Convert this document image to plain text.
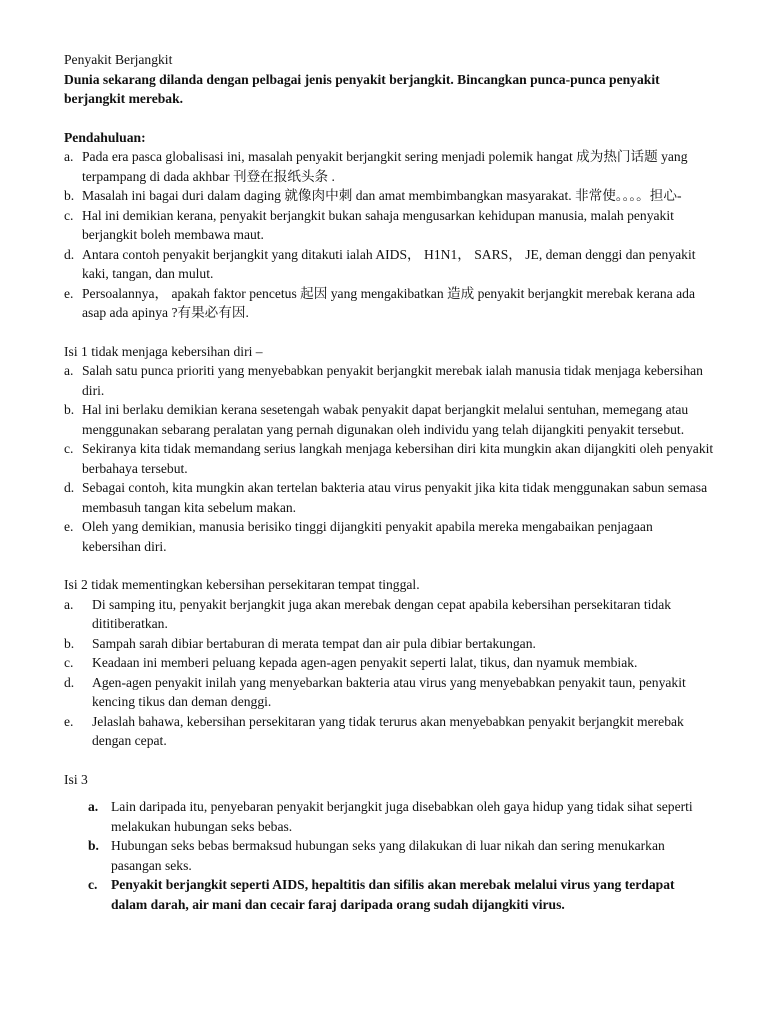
Penyakit Berjangkit

Dunia sekarang dilanda dengan pelbagai jenis penyakit berjangkit. Bincangkan punca-punca penyakit berjangkit merebak.

Pendahuluan:

a. Pada era pasca globalisasi ini, masalah penyakit berjangkit sering menjadi polemik hangat 成为热门话题 yang terpampang di dada akhbar 刊登在报纸头条 .
b. Masalah ini bagai duri dalam daging 就像肉中刺 dan amat membimbangkan masyarakat. 非常使。。。。担心-
c. Hal ini demikian kerana, penyakit berjangkit bukan sahaja mengusarkan kehidupan manusia, malah penyakit berjangkit boleh membawa maut.
d. Antara contoh penyakit berjangkit yang ditakuti ialah AIDS， H1N1， SARS， JE, deman denggi dan penyakit kaki, tangan, dan mulut.
e. Persoalannya， apakah faktor pencetus 起因 yang mengakibatkan 造成 penyakit berjangkit merebak kerana ada asap ada apinya ?有果必有因.

Isi 1 tidak menjaga kebersihan diri –

a. Salah satu punca prioriti yang menyebabkan penyakit berjangkit merebak ialah manusia tidak menjaga kebersihan diri.
b. Hal ini berlaku demikian kerana sesetengah wabak penyakit dapat berjangkit melalui sentuhan, memegang atau menggunakan sebarang peralatan yang pernah digunakan oleh individu yang telah dijangkiti penyakit tersebut.
c. Sekiranya kita tidak memandang serius langkah menjaga kebersihan diri kita mungkin akan dijangkiti oleh penyakit berbahaya tersebut.
d. Sebagai contoh, kita mungkin akan tertelan bakteria atau virus penyakit jika kita tidak menggunakan sabun semasa membasuh tangan kita sebelum makan.
e. Oleh yang demikian, manusia berisiko tinggi dijangkiti penyakit apabila mereka mengabaikan penjagaan kebersihan diri.

Isi 2 tidak mementingkan kebersihan persekitaran tempat tinggal.

a. Di samping itu, penyakit berjangkit juga akan merebak dengan cepat apabila kebersihan persekitaran tidak dititiberatkan.
b. Sampah sarah dibiar bertaburan di merata tempat dan air pula dibiar bertakungan.
c. Keadaan ini memberi peluang kepada agen-agen penyakit seperti lalat, tikus, dan nyamuk membiak.
d. Agen-agen penyakit inilah yang menyebarkan bakteria atau virus yang menyebabkan penyakit taun, penyakit kencing tikus dan deman denggi.
e. Jelaslah bahawa, kebersihan persekitaran yang tidak terurus akan menyebabkan penyakit berjangkit merebak dengan cepat.

Isi 3

a. Lain daripada itu, penyebaran penyakit berjangkit juga disebabkan oleh gaya hidup yang tidak sihat seperti melakukan hubungan seks bebas.
b. Hubungan seks bebas bermaksud hubungan seks yang dilakukan di luar nikah dan sering menukarkan pasangan seks.
c. Penyakit berjangkit seperti AIDS, hepaltitis dan sifilis akan merebak melalui virus yang terdapat dalam darah, air mani dan cecair faraj daripada orang sudah dijangkiti virus.
